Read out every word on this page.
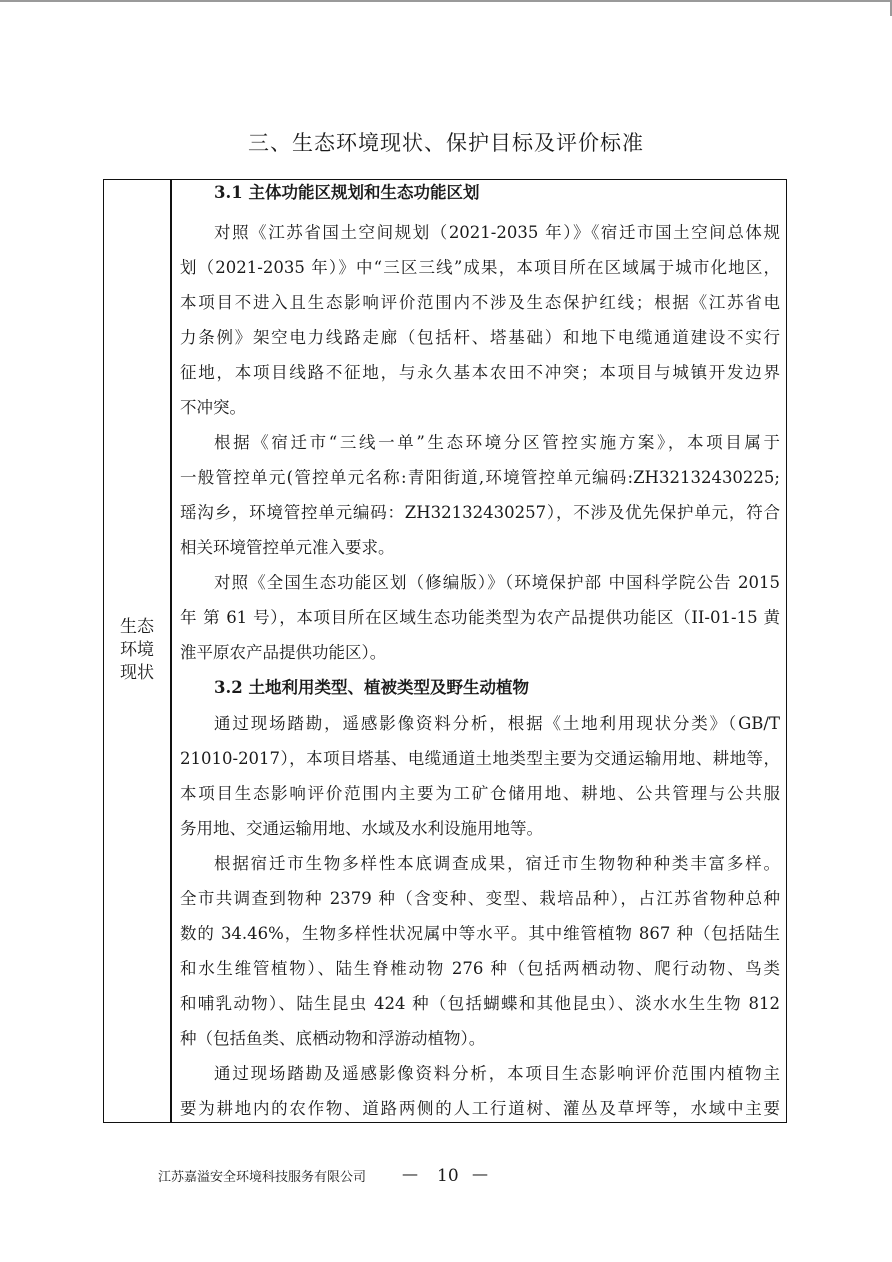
三、生态环境现状、保护目标及评价标准
生态
环境
现状
3.1 主体功能区规划和生态功能区划

对照《江苏省国土空间规划（2021-2035 年）》《宿迁市国土空间总体规
划（2021-2035 年）》中“三区三线”成果，本项目所在区域属于城市化地区，
本项目不进入且生态影响评价范围内不涉及生态保护红线；根据《江苏省电
力条例》架空电力线路走廊（包括杆、塔基础）和地下电缆通道建设不实行
征地，本项目线路不征地，与永久基本农田不冲突；本项目与城镇开发边界
不冲突。

根据《宿迁市“三线一单”生态环境分区管控实施方案》，本项目属于
一般管控单元(管控单元名称:青阳街道,环境管控单元编码:ZH32132430225;
瑶沟乡，环境管控单元编码：ZH32132430257），不涉及优先保护单元，符合
相关环境管控单元准入要求。

对照《全国生态功能区划（修编版）》（环境保护部 中国科学院公告 2015
年 第 61 号），本项目所在区域生态功能类型为农产品提供功能区（II-01-15 黄
淮平原农产品提供功能区）。

3.2 土地利用类型、植被类型及野生动植物

通过现场踏勘，遥感影像资料分析，根据《土地利用现状分类》（GB/T
21010-2017），本项目塔基、电缆通道土地类型主要为交通运输用地、耕地等，
本项目生态影响评价范围内主要为工矿仓储用地、耕地、公共管理与公共服
务用地、交通运输用地、水域及水利设施用地等。

根据宿迁市生物多样性本底调查成果，宿迁市生物物种种类丰富多样。
全市共调查到物种 2379 种（含变种、变型、栽培品种），占江苏省物种总种
数的 34.46%，生物多样性状况属中等水平。其中维管植物 867 种（包括陆生
和水生维管植物）、陆生脊椎动物 276 种（包括两栖动物、爬行动物、鸟类
和哺乳动物）、陆生昆虫 424 种（包括蝴蝶和其他昆虫）、淡水水生生物 812
种（包括鱼类、底栖动物和浮游动植物）。

通过现场踏勘及遥感影像资料分析，本项目生态影响评价范围内植物主
要为耕地内的农作物、道路两侧的人工行道树、灌丛及草坪等，水域中主要

江苏嘉溢安全环境科技服务有限公司 — 10 —
